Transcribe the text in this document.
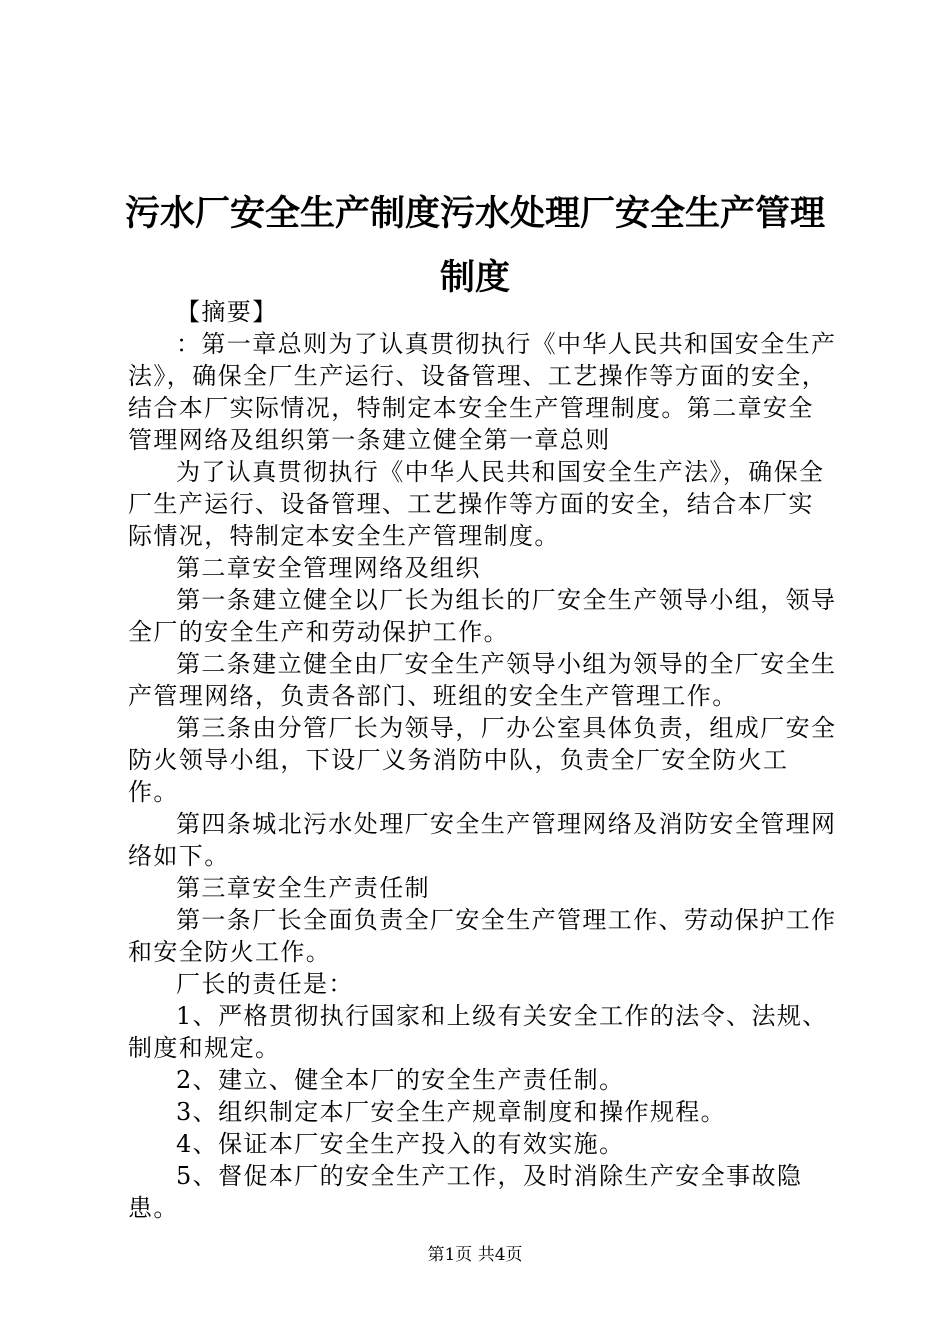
污水厂安全生产制度污水处理厂安全生产管理
制度

【摘要】

：第一章总则为了认真贯彻执行《中华人民共和国安全生产法》，确保全厂生产运行、设备管理、工艺操作等方面的安全，结合本厂实际情况，特制定本安全生产管理制度。第二章安全管理网络及组织第一条建立健全第一章总则

为了认真贯彻执行《中华人民共和国安全生产法》，确保全厂生产运行、设备管理、工艺操作等方面的安全，结合本厂实际情况，特制定本安全生产管理制度。

第二章安全管理网络及组织

第一条建立健全以厂长为组长的厂安全生产领导小组，领导全厂的安全生产和劳动保护工作。

第二条建立健全由厂安全生产领导小组为领导的全厂安全生产管理网络，负责各部门、班组的安全生产管理工作。

第三条由分管厂长为领导，厂办公室具体负责，组成厂安全防火领导小组，下设厂义务消防中队，负责全厂安全防火工作。

第四条城北污水处理厂安全生产管理网络及消防安全管理网络如下。

第三章安全生产责任制

第一条厂长全面负责全厂安全生产管理工作、劳动保护工作和安全防火工作。

厂长的责任是：

1、严格贯彻执行国家和上级有关安全工作的法令、法规、制度和规定。

2、建立、健全本厂的安全生产责任制。

3、组织制定本厂安全生产规章制度和操作规程。

4、保证本厂安全生产投入的有效实施。

5、督促本厂的安全生产工作，及时消除生产安全事故隐患。

第1页 共4页
